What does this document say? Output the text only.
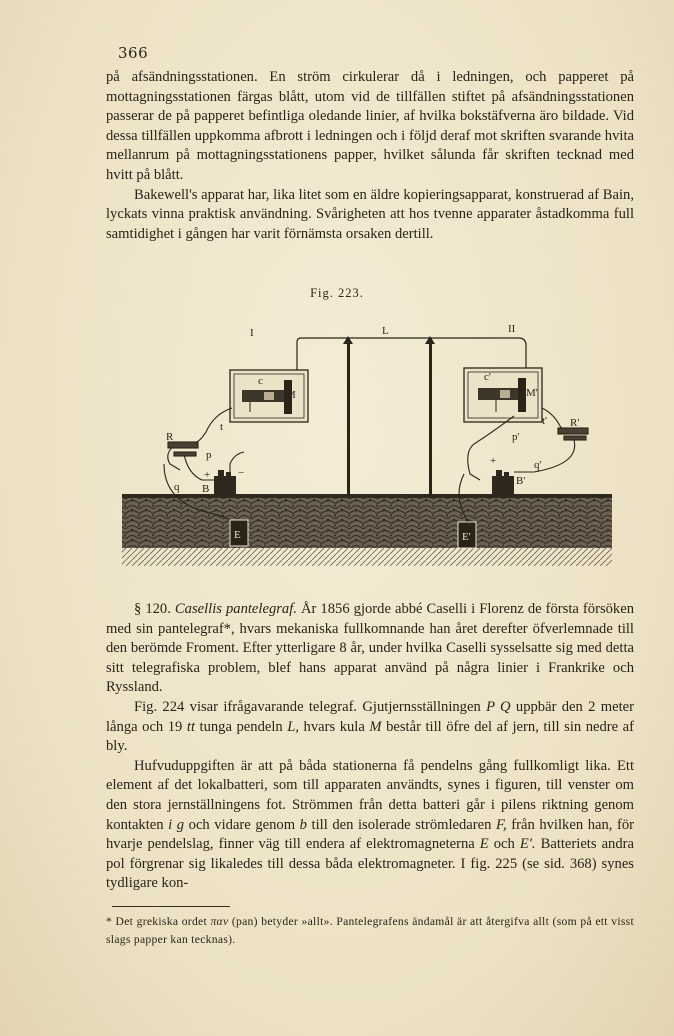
366

på afsändningsstationen. En ström cirkulerar då i ledningen, och papperet på mottagningsstationen färgas blått, utom vid de tillfällen stiftet på afsändningsstationen passerar de på papperet befintliga oledande linier, af hvilka bokstäfverna äro bildade. Vid dessa tillfällen uppkomma afbrott i ledningen och i följd deraf mot skriften svarande hvita mellanrum på mottagningsstationens papper, hvilket sålunda får skriften tecknad med hvitt på blått.

Bakewell's apparat har, lika litet som en äldre kopieringsapparat, konstruerad af Bain, lyckats vinna praktisk användning. Svårigheten att hos tvenne apparater åstadkomma full samtidighet i gången har varit förnämsta orsaken dertill.

Fig. 223.
I	L	II
c
M
t
R
p
+	−
q B
E
c'
M'
t' R'
p'
+	q'
B'
E'

§ 120. Casellis pantelegraf. År 1856 gjorde abbé Caselli i Florenz de första försöken med sin pantelegraf*, hvars mekaniska fullkomnande han året derefter öfverlemnade till den berömde Froment. Efter ytterligare 8 år, under hvilka Caselli sysselsatte sig med detta sitt telegrafiska problem, blef hans apparat använd på några linier i Frankrike och Ryssland.

Fig. 224 visar ifrågavarande telegraf. Gjutjernsställningen P Q uppbär den 2 meter långa och 19 tt tunga pendeln L, hvars kula M består till öfre del af jern, till sin nedre af bly.

Hufvuduppgiften är att på båda stationerna få pendelns gång fullkomligt lika. Ett element af det lokalbatteri, som till apparaten användts, synes i figuren, till venster om den stora jernställningens fot. Strömmen från detta batteri går i pilens riktning genom kontakten i g och vidare genom b till den isolerade strömledaren F, från hvilken han, för hvarje pendelslag, finner väg till endera af elektromagneterna E och E'. Batteriets andra pol förgrenar sig likaledes till dessa båda elektromagneter. I fig. 225 (se sid. 368) synes tydligare kon-

* Det grekiska ordet παν (pan) betyder »allt». Pantelegrafens ändamål är att återgifva allt (som på ett visst slags papper kan tecknas).
